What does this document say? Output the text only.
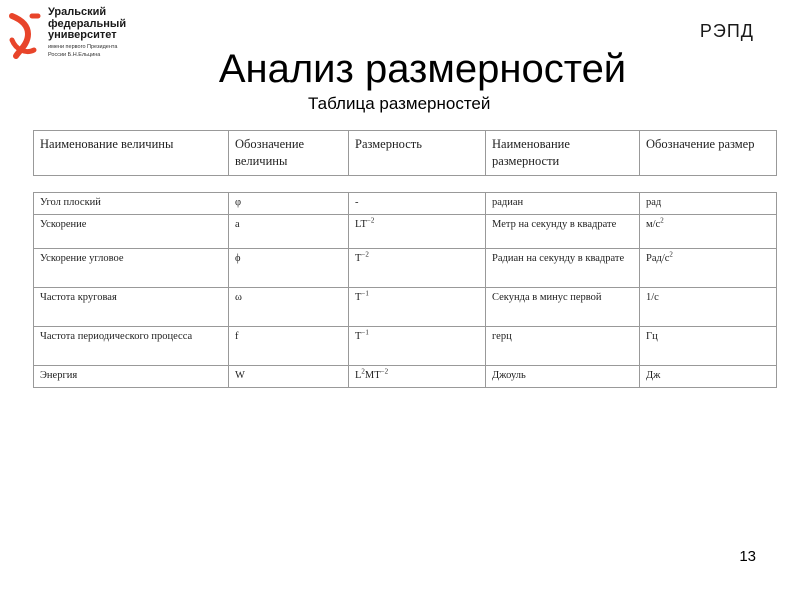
Уральский
федеральный
университет
имени первого Президента
России Б.Н.Ельцина
РЭПД
Анализ размерностей
Таблица размерностей
Наименование величины	Обозначение величины	Размерность	Наименование размерности	Обозначение размер
Угол плоский	φ	-	радиан	рад
Ускорение	a	$LT^{-2}$	Метр на секунду в квадрате	$м/с^2$
Ускорение угловое	ϕ	$T^{-2}$	Радиан на секунду в квадрате	Рад/$с^2$
Частота круговая	ω	$T^{-1}$	Секунда в минус первой	1/с
Частота периодического процесса	f	$T^{-1}$	герц	Гц
Энергия	W	$L^2MT^{-2}$	Джоуль	Дж
13
